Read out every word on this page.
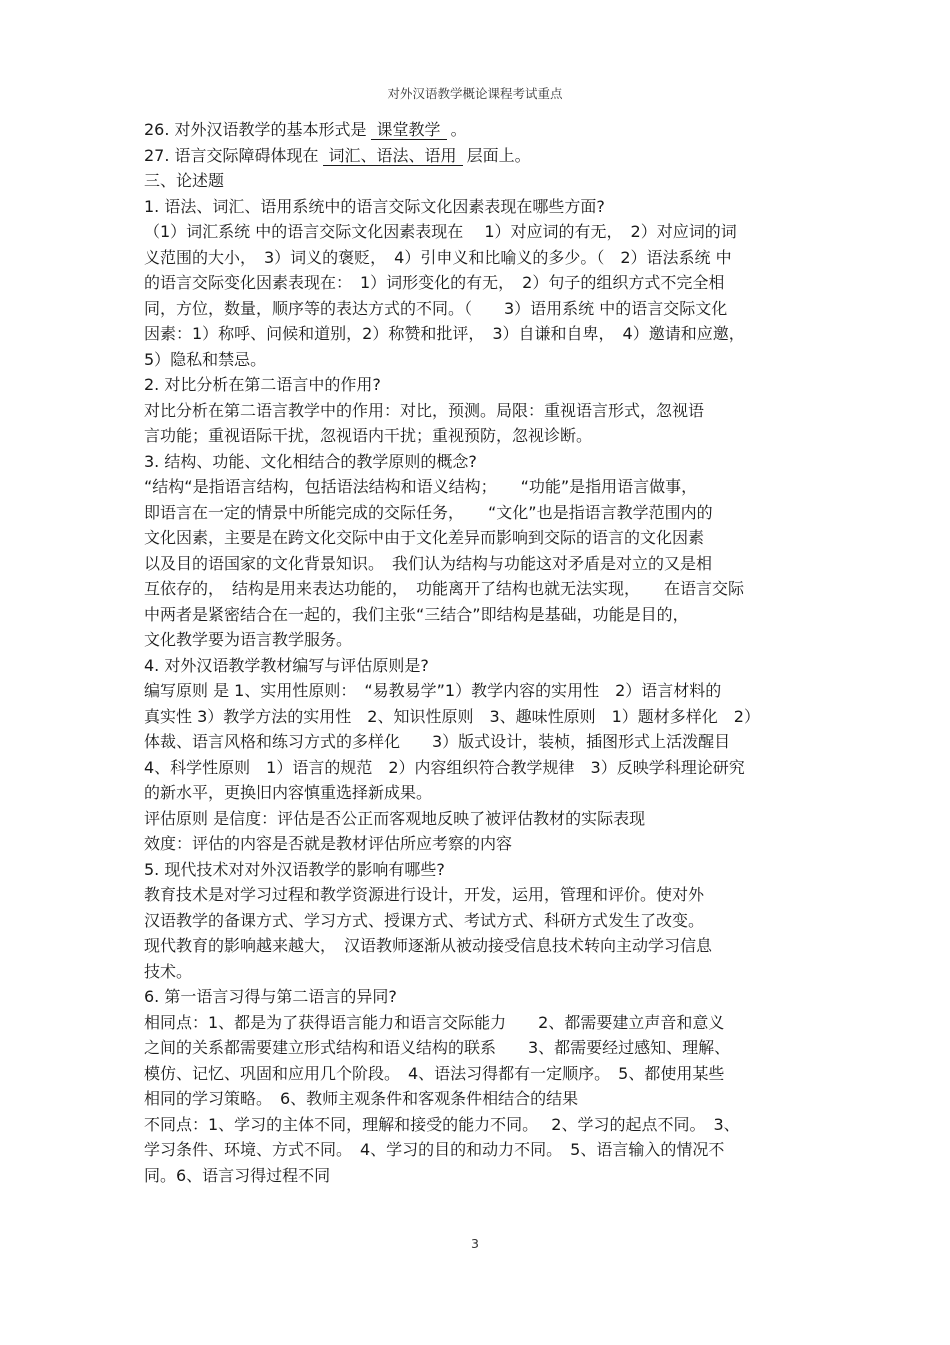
对外汉语教学概论课程考试重点
26. 对外汉语教学的基本形式是 课堂教学 。
27. 语言交际障碍体现在 词汇、语法、语用 层面上。
三、论述题
1. 语法、词汇、语用系统中的语言交际文化因素表现在哪些方面?
（1）词汇系统 中的语言交际文化因素表现在　 1）对应词的有无，　2）对应词的词
义范围的大小，　3）词义的褒贬，　4）引申义和比喻义的多少。（　2）语法系统 中
的语言交际变化因素表现在：　1）词形变化的有无，　2）句子的组织方式不完全相
同，方位，数量，顺序等的表达方式的不同。（　　3）语用系统 中的语言交际文化
因素：1）称呼、问候和道别，2）称赞和批评，　3）自谦和自卑，　4）邀请和应邀，
5）隐私和禁忌。
2. 对比分析在第二语言中的作用?
对比分析在第二语言教学中的作用：对比，预测。局限：重视语言形式，忽视语
言功能；重视语际干扰，忽视语内干扰；重视预防，忽视诊断。
3. 结构、功能、文化相结合的教学原则的概念?
“结构“是指语言结构，包括语法结构和语义结构；　　“功能”是指用语言做事，
即语言在一定的情景中所能完成的交际任务，　　“文化”也是指语言教学范围内的
文化因素，主要是在跨文化交际中由于文化差异而影响到交际的语言的文化因素
以及目的语国家的文化背景知识。　我们认为结构与功能这对矛盾是对立的又是相
互依存的，　结构是用来表达功能的，　功能离开了结构也就无法实现，　　在语言交际
中两者是紧密结合在一起的，我们主张“三结合”即结构是基础，功能是目的，
文化教学要为语言教学服务。
4. 对外汉语教学教材编写与评估原则是?
编写原则 是 1、实用性原则：　“易教易学”1）教学内容的实用性　2）语言材料的
真实性 3）教学方法的实用性　2、知识性原则　3、趣味性原则　1）题材多样化　2）
体裁、语言风格和练习方式的多样化　　3）版式设计，装桢，插图形式上活泼醒目
4、科学性原则　1）语言的规范　2）内容组织符合教学规律　3）反映学科理论研究
的新水平，更换旧内容慎重选择新成果。
评估原则 是信度：评估是否公正而客观地反映了被评估教材的实际表现
效度：评估的内容是否就是教材评估所应考察的内容
5. 现代技术对对外汉语教学的影响有哪些?
教育技术是对学习过程和教学资源进行设计，开发，运用，管理和评价。使对外
汉语教学的备课方式、学习方式、授课方式、考试方式、科研方式发生了改变。
现代教育的影响越来越大，　汉语教师逐渐从被动接受信息技术转向主动学习信息
技术。
6. 第一语言习得与第二语言的异同?
相同点：1、都是为了获得语言能力和语言交际能力　　2、都需要建立声音和意义
之间的关系都需要建立形式结构和语义结构的联系　　3、都需要经过感知、理解、
模仿、记忆、巩固和应用几个阶段。　4、语法习得都有一定顺序。　5、都使用某些
相同的学习策略。　6、教师主观条件和客观条件相结合的结果
不同点：1、学习的主体不同，理解和接受的能力不同。　 2、学习的起点不同。　3、
学习条件、环境、方式不同。　4、学习的目的和动力不同。　5、语言输入的情况不
同。6、语言习得过程不同
3
